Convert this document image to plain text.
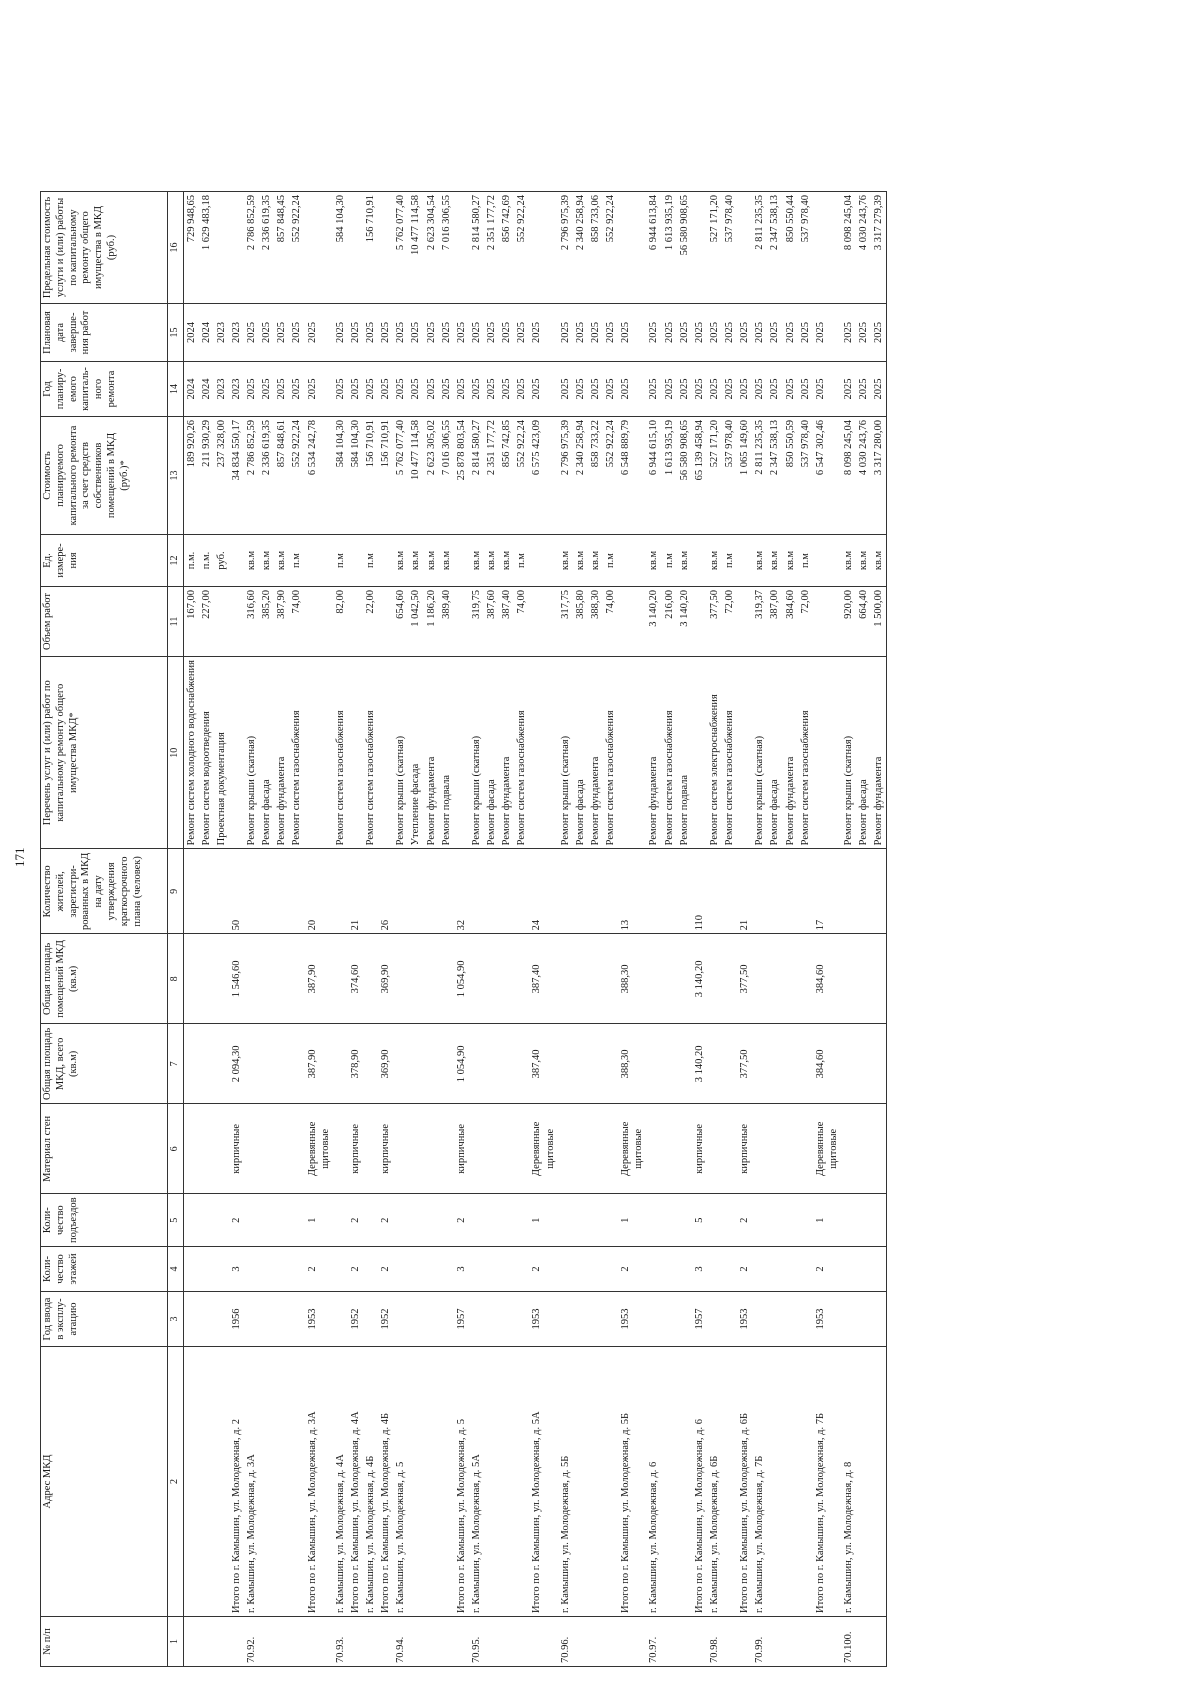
171
№ п/п	Адрес МКД	Год ввода в эксплу-атацию	Коли-чество этажей	Коли-чество подъездов	Материал стен	Общая площадь МКД, всего (кв.м)	Общая площадь помещений МКД (кв.м)	Количество жителей, зарегистри-рованных в МКД на дату утверждения краткосрочного плана (человек)	Перечень услуг и (или) работ по капитальному ремонту общего имущества МКД*	Объем работ	Ед. измере-ния	Стоимость планируемого капитального ремонта за счет средств собственников помещений в МКД (руб.)*	Год планиру-емого капиталь-ного ремонта	Плановая дата заверше-ния работ	Предельная стоимость услуги и (или) работы по капитальному ремонту общего имущества в МКД (руб.)
1	2	3	4	5	6	7	8	9	10	11	12	13	14	15	16
									Ремонт систем холодного водоснабжения	167,00	п.м.	189 920,26	2024	2024	729 948,65
									Ремонт систем водоотведения	227,00	п.м.	211 930,29	2024	2024	1 629 483,18
									Проектная документация		руб.	237 328,00	2023	2023	
	Итого по г. Камышин, ул. Молодежная, д. 2	1956	3	2	кирпичные	2 094,30	1 546,60	50				34 834 550,17	2023	2023	
70.92.	г. Камышин, ул. Молодежная, д. 3А								Ремонт крыши (скатная)	316,60	кв.м	2 786 852,59	2025	2025	2 786 852,59
									Ремонт фасада	385,20	кв.м	2 336 619,35	2025	2025	2 336 619,35
									Ремонт фундамента	387,90	кв.м	857 848,61	2025	2025	857 848,45
									Ремонт систем газоснабжения	74,00	п.м	552 922,24	2025	2025	552 922,24
	Итого по г. Камышин, ул. Молодежная, д. 3А	1953	2	1	Деревянные щитовые	387,90	387,90	20				6 534 242,78	2025	2025	
70.93.	г. Камышин, ул. Молодежная, д. 4А								Ремонт систем газоснабжения	82,00	п.м	584 104,30	2025	2025	584 104,30
	Итого по г. Камышин, ул. Молодежная, д. 4А	1952	2	2	кирпичные	378,90	374,60	21				584 104,30	2025	2025	
	г. Камышин, ул. Молодежная, д. 4Б								Ремонт систем газоснабжения	22,00	п.м	156 710,91	2025	2025	156 710,91
	Итого по г. Камышин, ул. Молодежная, д. 4Б	1952	2	2	кирпичные	369,90	369,90	26				156 710,91	2025	2025	
70.94.	г. Камышин, ул. Молодежная, д. 5								Ремонт крыши (скатная)	654,60	кв.м	5 762 077,40	2025	2025	5 762 077,40
									Утепление фасада	1 042,50	кв.м	10 477 114,58	2025	2025	10 477 114,58
									Ремонт фундамента	1 186,20	кв.м	2 623 305,02	2025	2025	2 623 304,54
									Ремонт подвала	389,40	кв.м	7 016 306,55	2025	2025	7 016 306,55
	Итого по г. Камышин, ул. Молодежная, д. 5	1957	3	2	кирпичные	1 054,90	1 054,90	32				25 878 803,54	2025	2025	
70.95.	г. Камышин, ул. Молодежная, д. 5А								Ремонт крыши (скатная)	319,75	кв.м	2 814 580,27	2025	2025	2 814 580,27
									Ремонт фасада	387,60	кв.м	2 351 177,72	2025	2025	2 351 177,72
									Ремонт фундамента	387,40	кв.м	856 742,85	2025	2025	856 742,69
									Ремонт систем газоснабжения	74,00	п.м	552 922,24	2025	2025	552 922,24
	Итого по г. Камышин, ул. Молодежная, д. 5А	1953	2	1	Деревянные щитовые	387,40	387,40	24				6 575 423,09	2025	2025	
70.96.	г. Камышин, ул. Молодежная, д. 5Б								Ремонт крыши (скатная)	317,75	кв.м	2 796 975,39	2025	2025	2 796 975,39
									Ремонт фасада	385,80	кв.м	2 340 258,94	2025	2025	2 340 258,94
									Ремонт фундамента	388,30	кв.м	858 733,22	2025	2025	858 733,06
									Ремонт систем газоснабжения	74,00	п.м	552 922,24	2025	2025	552 922,24
	Итого по г. Камышин, ул. Молодежная, д. 5Б	1953	2	1	Деревянные щитовые	388,30	388,30	13				6 548 889,79	2025	2025	
70.97.	г. Камышин, ул. Молодежная, д. 6								Ремонт фундамента	3 140,20	кв.м	6 944 615,10	2025	2025	6 944 613,84
									Ремонт систем газоснабжения	216,00	п.м	1 613 935,19	2025	2025	1 613 935,19
									Ремонт подвала	3 140,20	кв.м	56 580 908,65	2025	2025	56 580 908,65
	Итого по г. Камышин, ул. Молодежная, д. 6	1957	3	5	кирпичные	3 140,20	3 140,20	110				65 139 458,94	2025	2025	
70.98.	г. Камышин, ул. Молодежная, д. 6Б								Ремонт систем электроснабжения	377,50	кв.м	527 171,20	2025	2025	527 171,20
									Ремонт систем газоснабжения	72,00	п.м	537 978,40	2025	2025	537 978,40
	Итого по г. Камышин, ул. Молодежная, д. 6Б	1953	2	2	кирпичные	377,50	377,50	21				1 065 149,60	2025	2025	
70.99.	г. Камышин, ул. Молодежная, д. 7Б								Ремонт крыши (скатная)	319,37	кв.м	2 811 235,35	2025	2025	2 811 235,35
									Ремонт фасада	387,00	кв.м	2 347 538,13	2025	2025	2 347 538,13
									Ремонт фундамента	384,60	кв.м	850 550,59	2025	2025	850 550,44
									Ремонт систем газоснабжения	72,00	п.м	537 978,40	2025	2025	537 978,40
	Итого по г. Камышин, ул. Молодежная, д. 7Б	1953	2	1	Деревянные щитовые	384,60	384,60	17				6 547 302,46	2025	2025	
70.100.	г. Камышин, ул. Молодежная, д. 8								Ремонт крыши (скатная)	920,00	кв.м	8 098 245,04	2025	2025	8 098 245,04
									Ремонт фасада	664,40	кв.м	4 030 243,76	2025	2025	4 030 243,76
									Ремонт фундамента	1 500,00	кв.м	3 317 280,00	2025	2025	3 317 279,39
